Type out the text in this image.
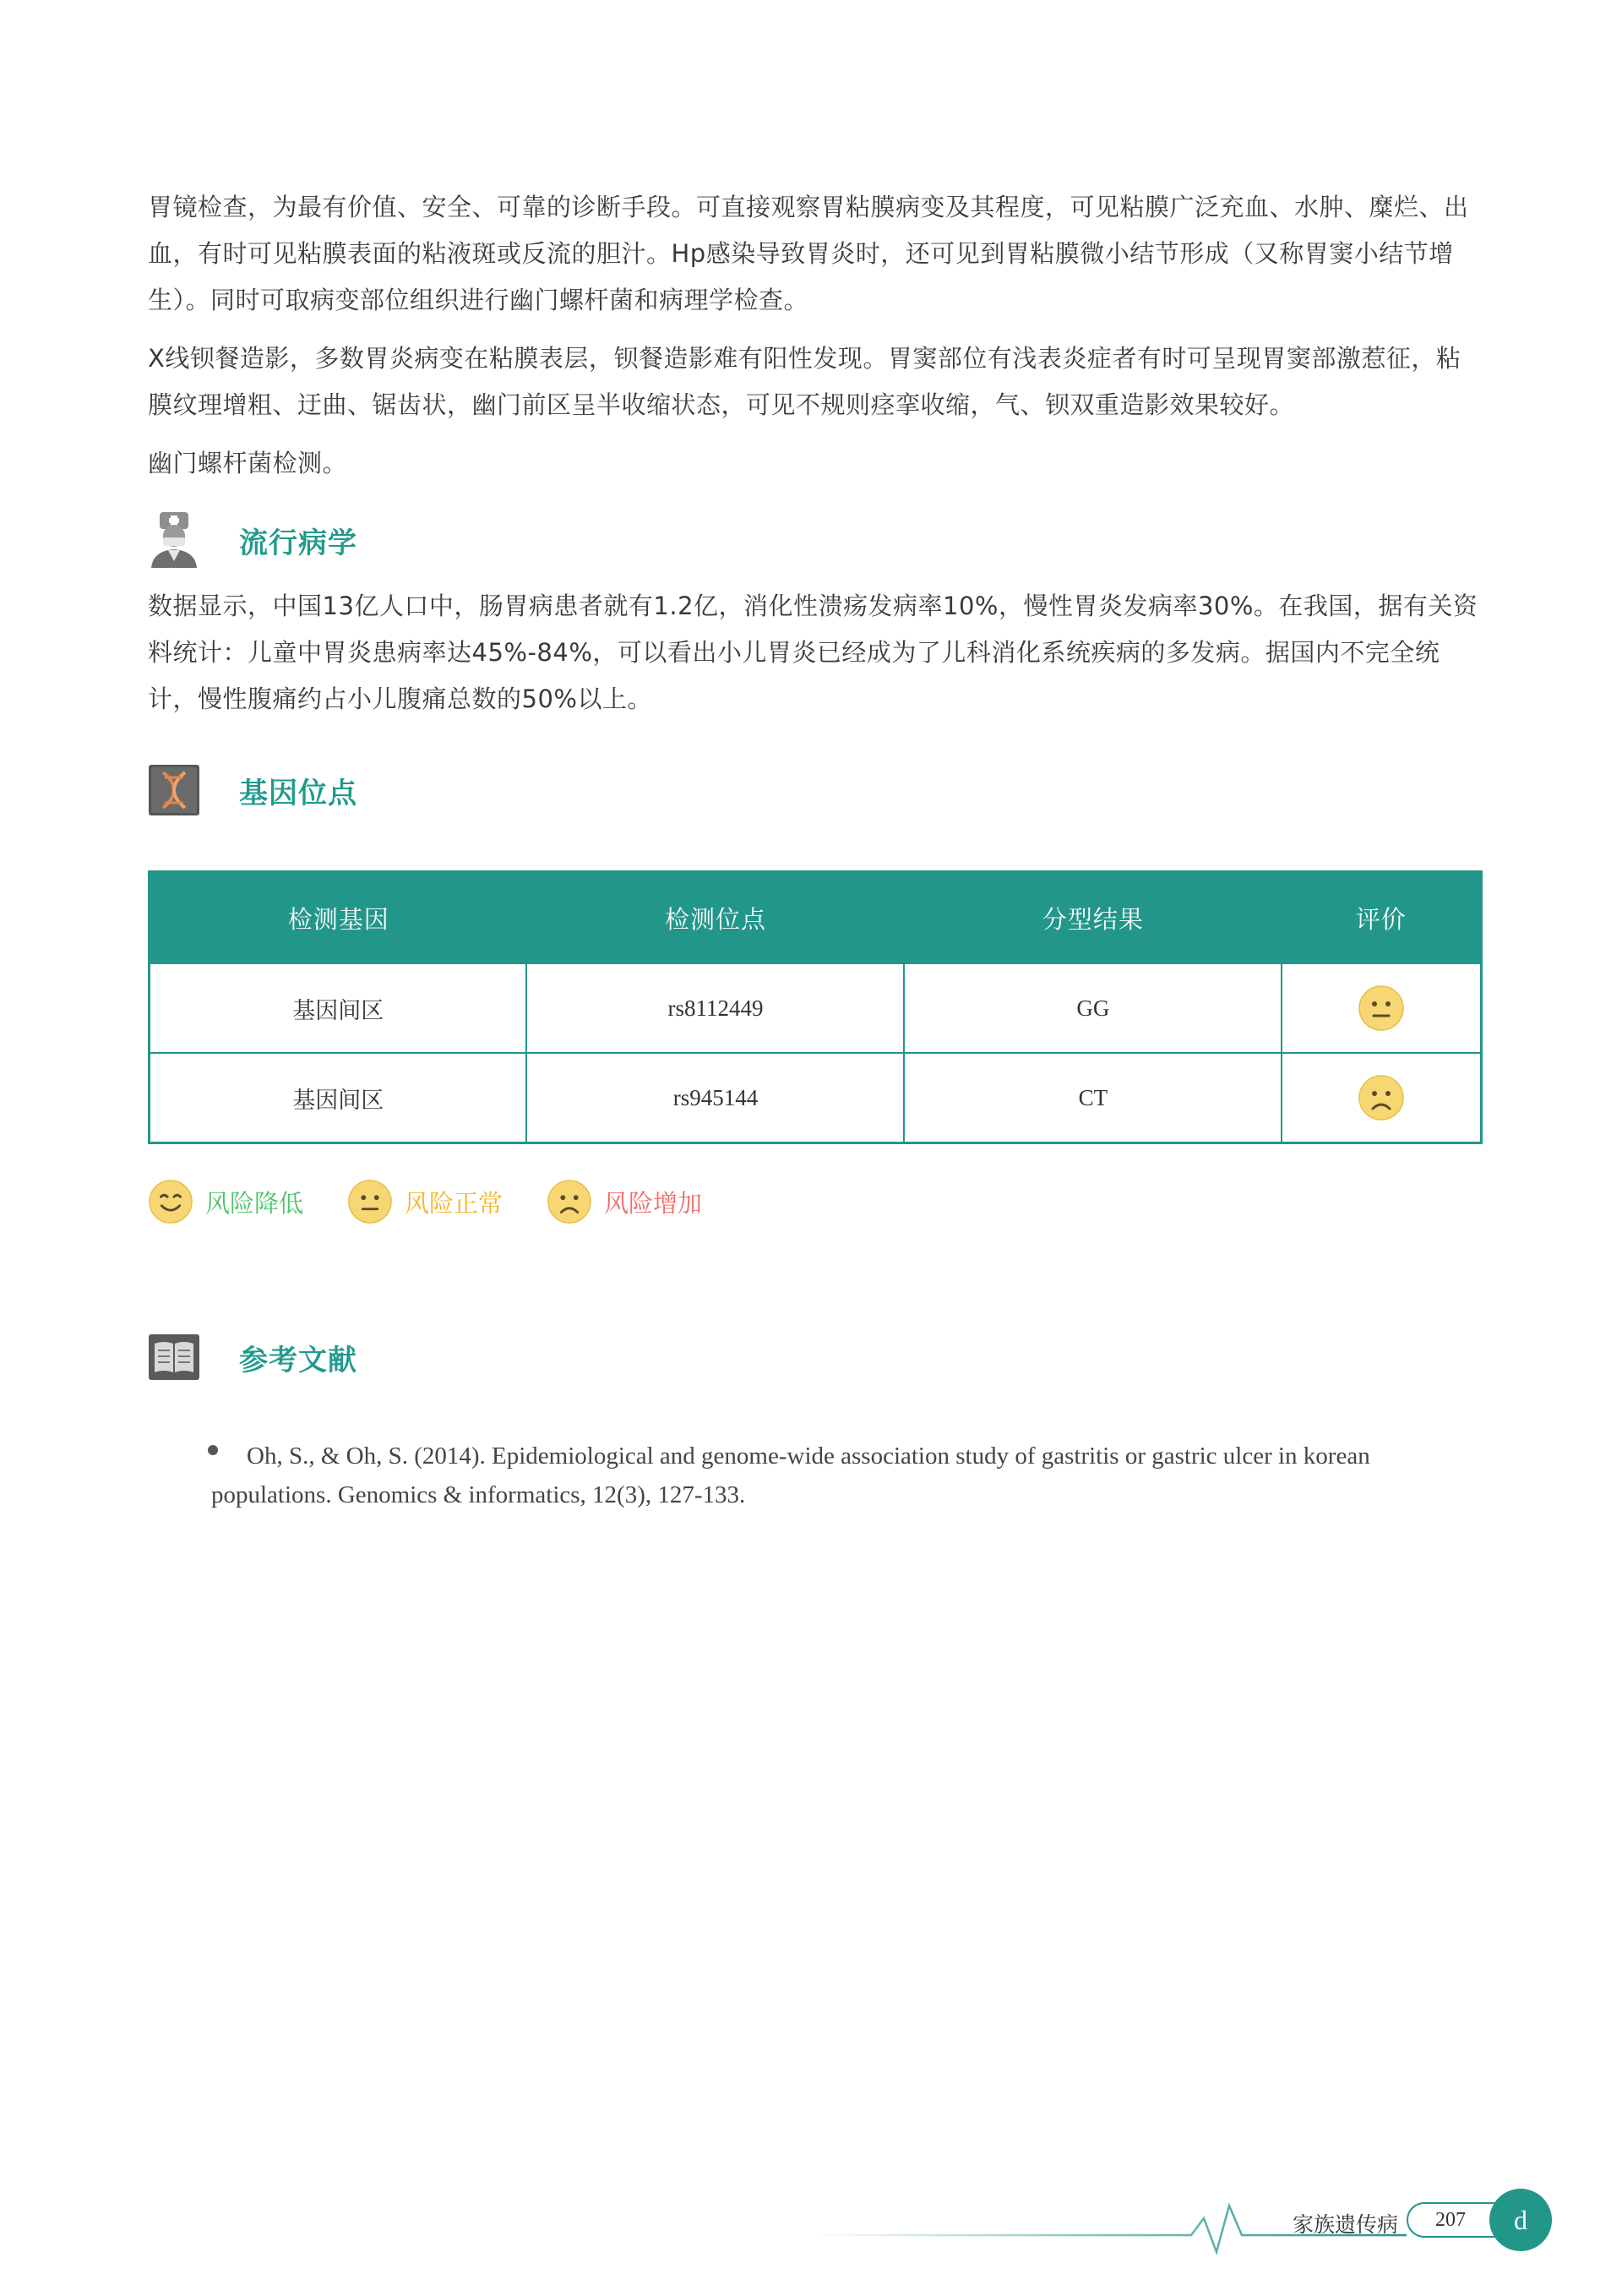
胃镜检查，为最有价值、安全、可靠的诊断手段。可直接观察胃粘膜病变及其程度，可见粘膜广泛充血、水肿、糜烂、出血，有时可见粘膜表面的粘液斑或反流的胆汁。Hp感染导致胃炎时，还可见到胃粘膜微小结节形成（又称胃窦小结节增生）。同时可取病变部位组织进行幽门螺杆菌和病理学检查。

X线钡餐造影，多数胃炎病变在粘膜表层，钡餐造影难有阳性发现。胃窦部位有浅表炎症者有时可呈现胃窦部激惹征，粘膜纹理增粗、迂曲、锯齿状，幽门前区呈半收缩状态，可见不规则痉挛收缩，气、钡双重造影效果较好。

幽门螺杆菌检测。

流行病学

数据显示，中国13亿人口中，肠胃病患者就有1.2亿，消化性溃疡发病率10%，慢性胃炎发病率30%。在我国，据有关资料统计：儿童中胃炎患病率达45%-84%，可以看出小儿胃炎已经成为了儿科消化系统疾病的多发病。据国内不完全统计，慢性腹痛约占小儿腹痛总数的50%以上。

基因位点
检测基因	检测位点	分型结果	评价
基因间区	rs8112449	GG	
基因间区	rs945144	CT	
风险降低	风险正常	风险增加
参考文献
Oh, S., & Oh, S. (2014). Epidemiological and genome-wide association study of gastritis or gastric ulcer in korean populations. Genomics & informatics, 12(3), 127-133.
家族遗传病	207	d
